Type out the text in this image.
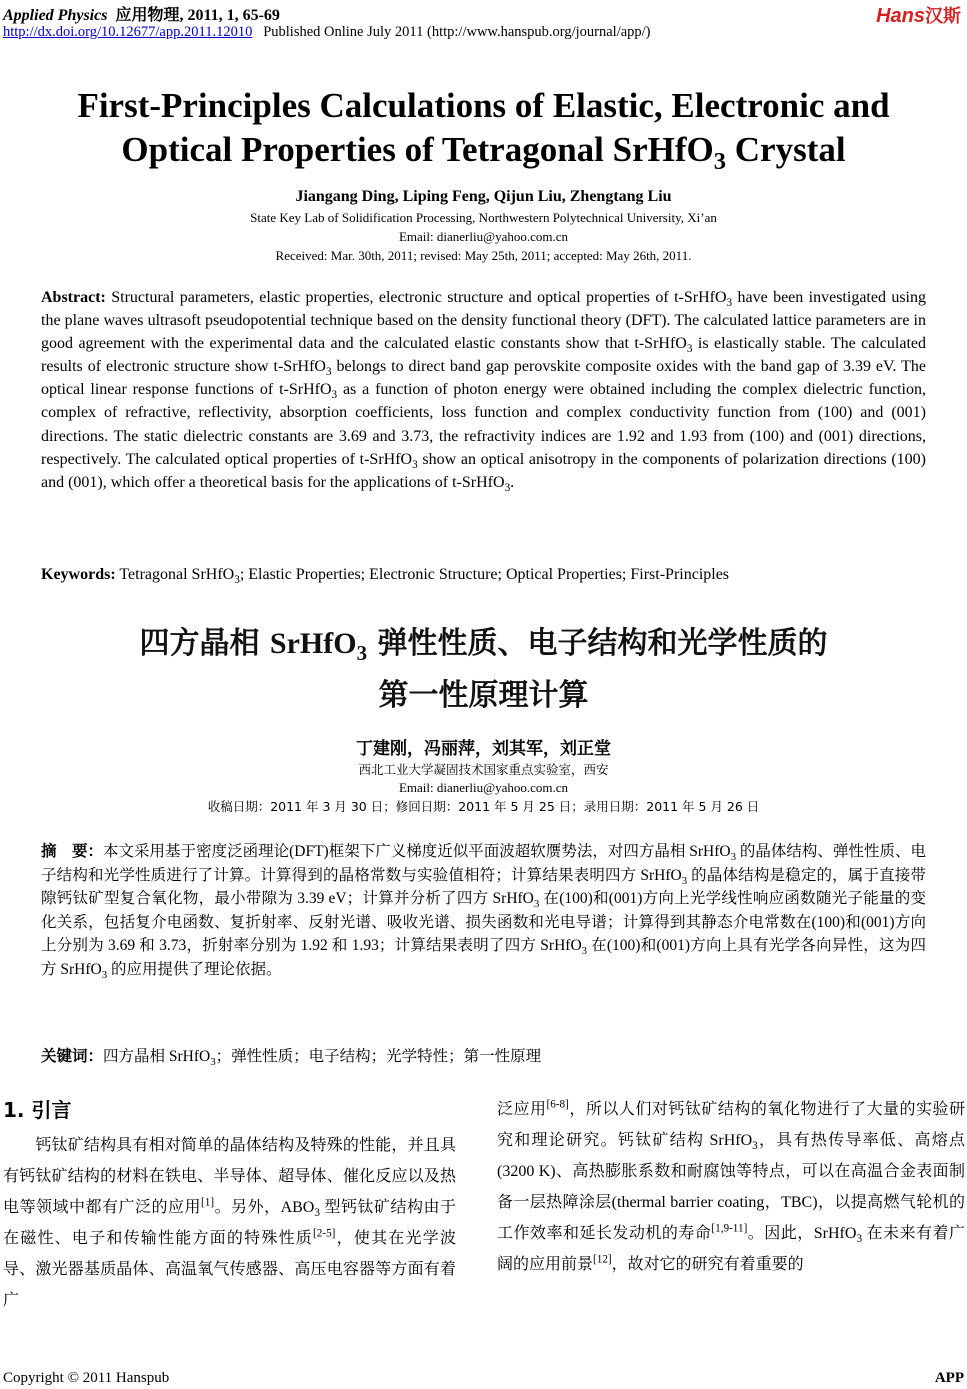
Applied Physics 应用物理, 2011, 1, 65-69
http://dx.doi.org/10.12677/app.2011.12010 Published Online July 2011 (http://www.hanspub.org/journal/app/)
Hans汉斯
First-Principles Calculations of Elastic, Electronic and
Optical Properties of Tetragonal SrHfO$_3$ Crystal
Jiangang Ding, Liping Feng, Qijun Liu, Zhengtang Liu
State Key Lab of Solidification Processing, Northwestern Polytechnical University, Xi’an
Email: dianerliu@yahoo.com.cn
Received: Mar. 30th, 2011; revised: May 25th, 2011; accepted: May 26th, 2011.
Abstract: Structural parameters, elastic properties, electronic structure and optical properties of t-SrHfO$_3$ have been investigated using the plane waves ultrasoft pseudopotential technique based on the density functional theory (DFT). The calculated lattice parameters are in good agreement with the experimental data and the calculated elastic constants show that t-SrHfO$_3$ is elastically stable. The calculated results of electronic structure show t-SrHfO$_3$ belongs to direct band gap perovskite composite oxides with the band gap of 3.39 eV. The optical linear response functions of t-SrHfO$_3$ as a function of photon energy were obtained including the complex dielectric function, complex of refractive, reflectivity, absorption coefficients, loss function and complex conductivity function from (100) and (001) directions. The static dielectric constants are 3.69 and 3.73, the refractivity indices are 1.92 and 1.93 from (100) and (001) directions, respectively. The calculated optical properties of t-SrHfO$_3$ show an optical anisotropy in the components of polarization directions (100) and (001), which offer a theoretical basis for the applications of t-SrHfO$_3$.
Keywords: Tetragonal SrHfO$_3$; Elastic Properties; Electronic Structure; Optical Properties; First-Principles
四方晶相 SrHfO$_3$ 弹性性质、电子结构和光学性质的
第一性原理计算
丁建刚，冯丽萍，刘其军，刘正堂
西北工业大学凝固技术国家重点实验室，西安
Email: dianerliu@yahoo.com.cn
收稿日期：2011 年 3 月 30 日；修回日期：2011 年 5 月 25 日；录用日期：2011 年 5 月 26 日
摘　要：本文采用基于密度泛函理论(DFT)框架下广义梯度近似平面波超软赝势法，对四方晶相 SrHfO$_3$ 的晶体结构、弹性性质、电子结构和光学性质进行了计算。计算得到的晶格常数与实验值相符；计算结果表明四方 SrHfO$_3$ 的晶体结构是稳定的，属于直接带隙钙钛矿型复合氧化物，最小带隙为 3.39 eV；计算并分析了四方 SrHfO$_3$ 在(100)和(001)方向上光学线性响应函数随光子能量的变化关系，包括复介电函数、复折射率、反射光谱、吸收光谱、损失函数和光电导谱；计算得到其静态介电常数在(100)和(001)方向上分别为 3.69 和 3.73，折射率分别为 1.92 和 1.93；计算结果表明了四方 SrHfO$_3$ 在(100)和(001)方向上具有光学各向异性，这为四方 SrHfO$_3$ 的应用提供了理论依据。
关键词：四方晶相 SrHfO$_3$；弹性性质；电子结构；光学特性；第一性原理
1. 引言
　　钙钛矿结构具有相对简单的晶体结构及特殊的性能，并且具有钙钛矿结构的材料在铁电、半导体、超导体、催化反应以及热电等领域中都有广泛的应用[1]。另外，$ABO_3$ 型钙钛矿结构由于在磁性、电子和传输性能方面的特殊性质[2-5]，使其在光学波导、激光器基质晶体、高温氧气传感器、高压电容器等方面有着广
泛应用[6-8]，所以人们对钙钛矿结构的氧化物进行了大量的实验研究和理论研究。钙钛矿结构 SrHfO$_3$，具有热传导率低、高熔点(3200 K)、高热膨胀系数和耐腐蚀等特点，可以在高温合金表面制备一层热障涂层(thermal barrier coating，TBC)，以提高燃气轮机的工作效率和延长发动机的寿命[1,9-11]。因此，SrHfO$_3$ 在未来有着广阔的应用前景[12]，故对它的研究有着重要的
Copyright © 2011 Hanspub	APP
